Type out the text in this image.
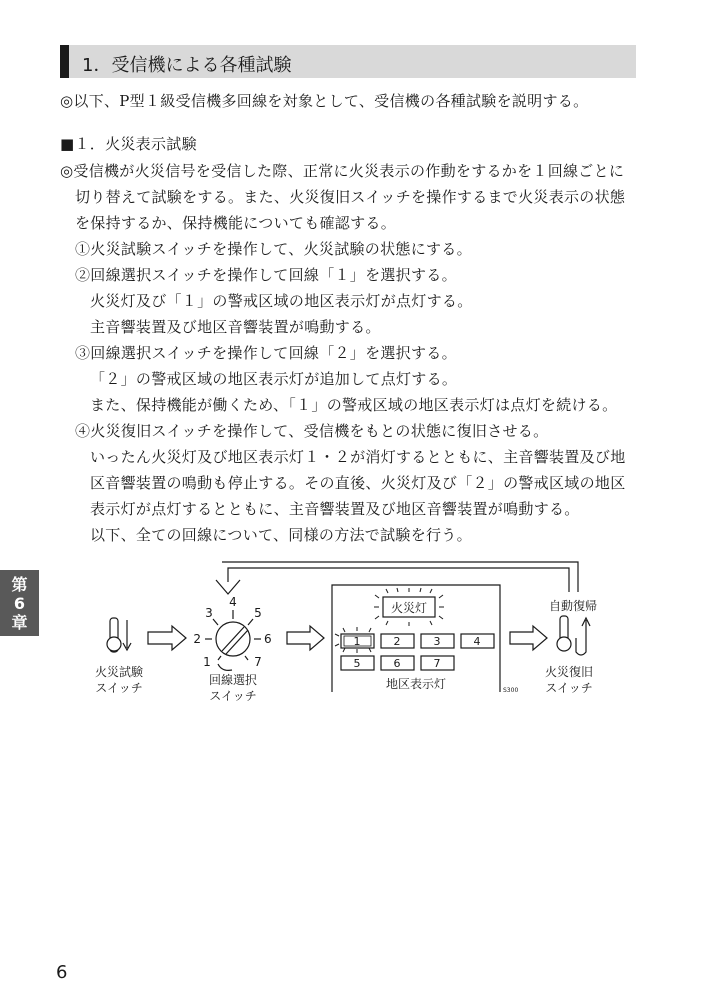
1．受信機による各種試験
◎以下、P型１級受信機多回線を対象として、受信機の各種試験を説明する。
■１．火災表示試験
◎受信機が火災信号を受信した際、正常に火災表示の作動をするかを１回線ごとに
切り替えて試験をする。また、火災復旧スイッチを操作するまで火災表示の状態
を保持するか、保持機能についても確認する。
①火災試験スイッチを操作して、火災試験の状態にする。
②回線選択スイッチを操作して回線「１」を選択する。
火災灯及び「１」の警戒区域の地区表示灯が点灯する。
主音響装置及び地区音響装置が鳴動する。
③回線選択スイッチを操作して回線「２」を選択する。
「２」の警戒区域の地区表示灯が追加して点灯する。
また、保持機能が働くため、「１」の警戒区域の地区表示灯は点灯を続ける。
④火災復旧スイッチを操作して、受信機をもとの状態に復旧させる。
いったん火災灯及び地区表示灯１・２が消灯するとともに、主音響装置及び地
区音響装置の鳴動も停止する。その直後、火災灯及び「２」の警戒区域の地区
表示灯が点灯するとともに、主音響装置及び地区音響装置が鳴動する。
以下、全ての回線について、同様の方法で試験を行う。
第
6
章
火災試験
スイッチ
1
2
3
4
5
6
7
回線選択
スイッチ
火災灯
1	2	3	4
5	6	7
地区表示灯	S300
自動復帰
火災復旧
スイッチ
6
